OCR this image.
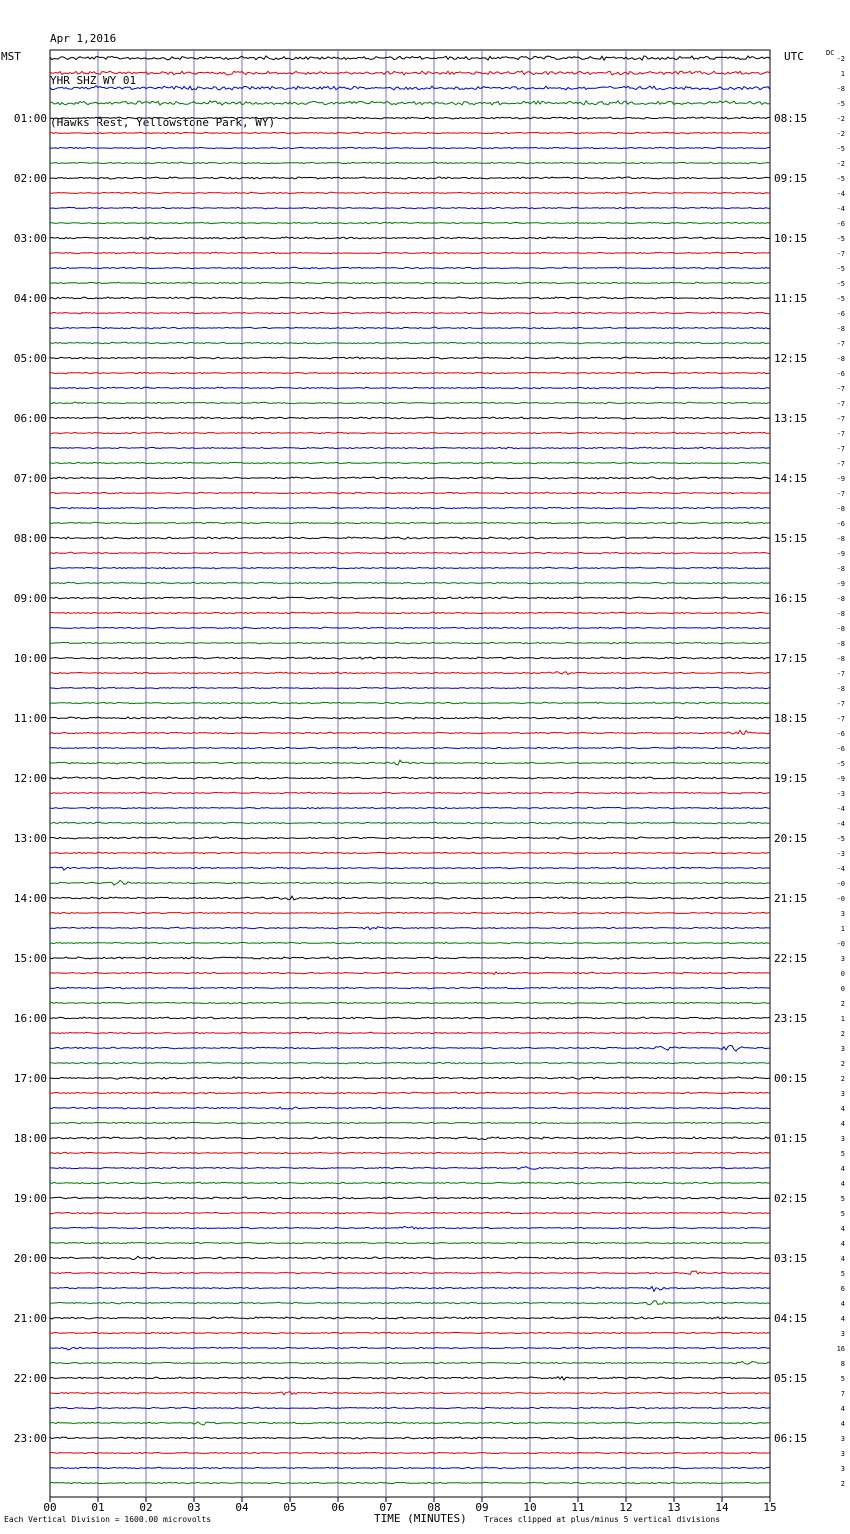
Apr 1,2016

YHR SHZ WY 01

(Hawks Rest, Yellowstone Park, WY)

MST	UTC	DC
00	01	02	03	04	05	06	07	08	09	10	11	12	13	14	15
-2
1
-8
-5
-2
-2
-5
-2
-5
-4
-4
-6
-5
-7
-5
-5
-5
-6
-8
-7
-8
-6
-7
-7
-7
-7
-7
-7
-9
-7
-8
-6
-8
-9
-8
-9
-8
-8
-8
-8
-8
-7
-8
-7
-7
-6
-6
-5
-9
-3
-4
-4
-5
-3
-4
-0
-0
3
1
-0
3
0
0
2
1
2
3
2
2
3
4
4
3
5
4
4
5
5
4
4
4
5
6
4
4
3
16
8
5
7
4
4
3
3
3
2
01:00	08:15
02:00	09:15
03:00	10:15
04:00	11:15
05:00	12:15
06:00	13:15
07:00	14:15
08:00	15:15
09:00	16:15
10:00	17:15
11:00	18:15
12:00	19:15
13:00	20:15
14:00	21:15
15:00	22:15
16:00	23:15
17:00	00:15
18:00	01:15
19:00	02:15
20:00	03:15
21:00	04:15
22:00	05:15
23:00	06:15
Each Vertical Division = 1600.00 microvolts	TIME (MINUTES) Traces clipped at plus/minus 5 vertical divisions
